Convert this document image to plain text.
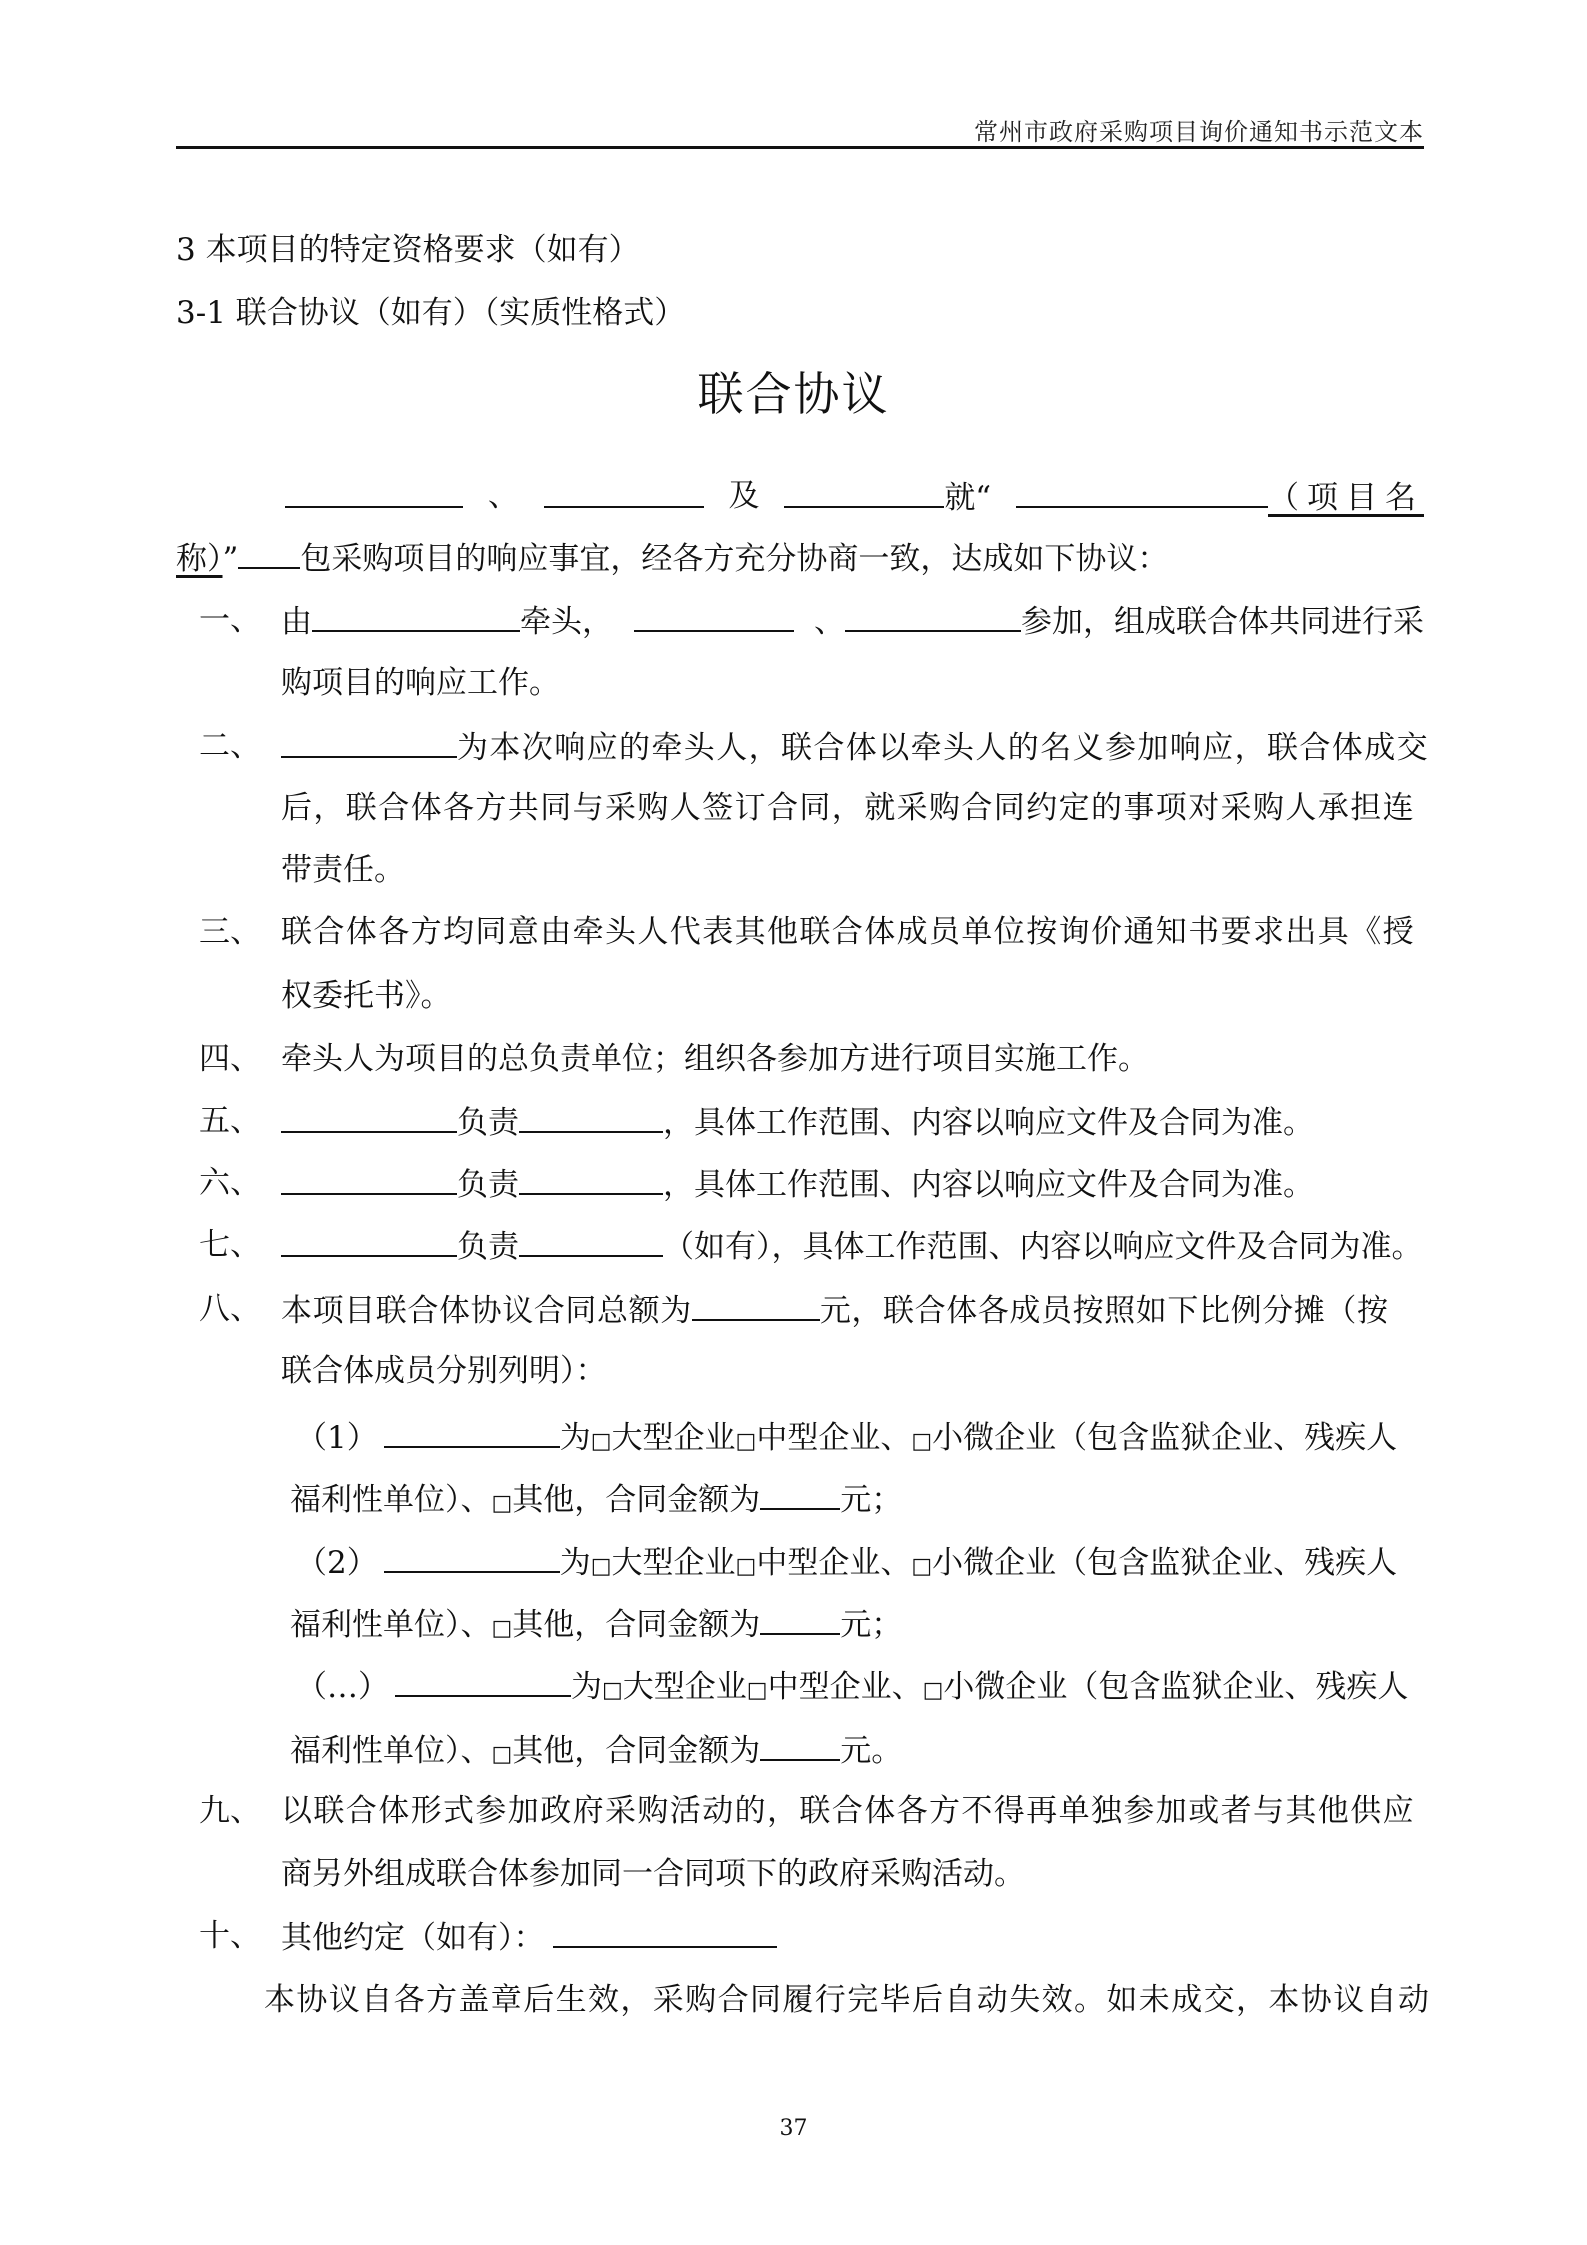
常州市政府采购项目询价通知书示范文本
3 本项目的特定资格要求（如有）
3-1 联合协议（如有）（实质性格式）
联合协议
、	及	就“	（项目名
称）” 包采购项目的响应事宜，经各方充分协商一致，达成如下协议：
一、 由	牵头，	、	参加，组成联合体共同进行采
购项目的响应工作。
二、	为本次响应的牵头人，联合体以牵头人的名义参加响应，联合体成交
后，联合体各方共同与采购人签订合同，就采购合同约定的事项对采购人承担连
带责任。
三、 联合体各方均同意由牵头人代表其他联合体成员单位按询价通知书要求出具《授
权委托书》。
四、 牵头人为项目的总负责单位；组织各参加方进行项目实施工作。
五、	负责	，具体工作范围、内容以响应文件及合同为准。
六、	负责	，具体工作范围、内容以响应文件及合同为准。
七、	负责	（如有），具体工作范围、内容以响应文件及合同为准。
八、 本项目联合体协议合同总额为	元，联合体各成员按照如下比例分摊（按
联合体成员分别列明）：
（1）	为□大型企业□中型企业、□小微企业（包含监狱企业、残疾人
福利性单位）、□其他，合同金额为	元；
（2）	为□大型企业□中型企业、□小微企业（包含监狱企业、残疾人
福利性单位）、□其他，合同金额为	元；
（…）	为□大型企业□中型企业、□小微企业（包含监狱企业、残疾人
福利性单位）、□其他，合同金额为	元。
九、 以联合体形式参加政府采购活动的，联合体各方不得再单独参加或者与其他供应
商另外组成联合体参加同一合同项下的政府采购活动。
十、 其他约定（如有）：
本协议自各方盖章后生效，采购合同履行完毕后自动失效。如未成交，本协议自动
37
